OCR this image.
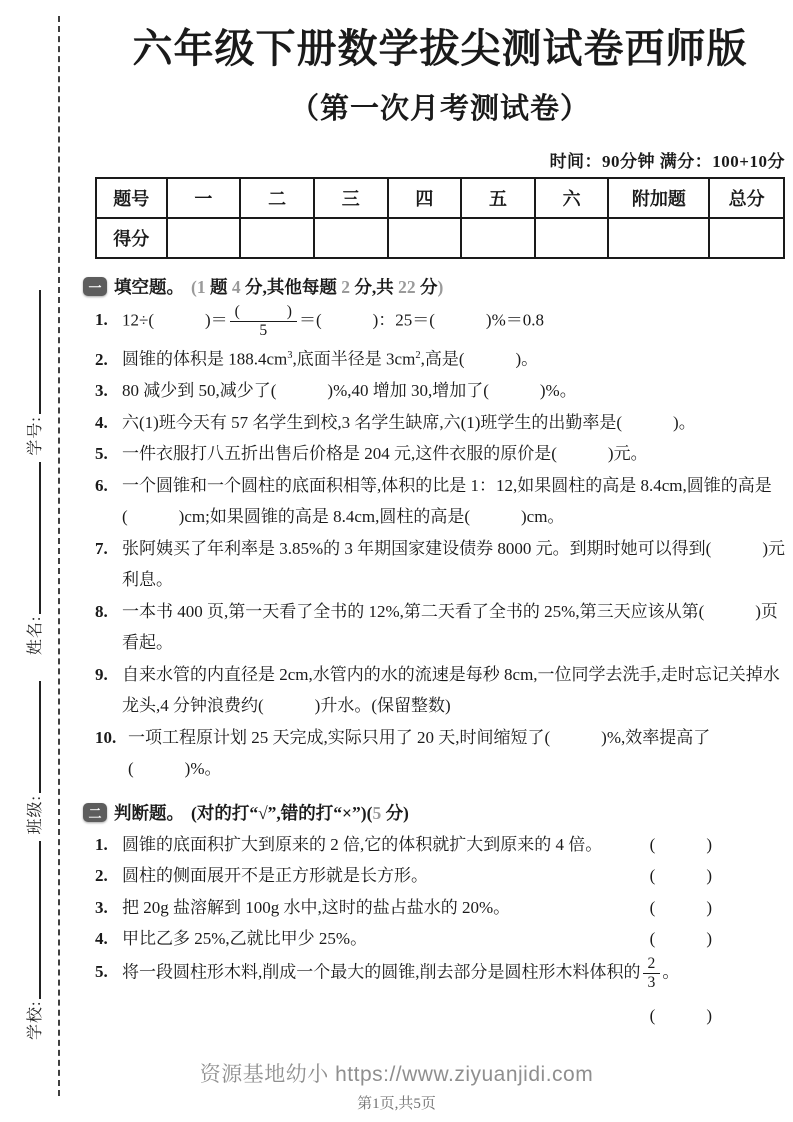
学校:
班级:
姓名:
学号:
六年级下册数学拔尖测试卷西师版
（第一次月考测试卷）
时间：90分钟 满分：100+10分
题号	一	二	三	四	五	六	附加题	总分
得分								
一 填空题。 (1 题 4 分,其他每题 2 分,共 22 分)
1. 12÷(　　　)＝ $\frac{( )}{5}$ ＝(　　　)：25＝(　　　)%＝0.8
2. 圆锥的体积是 $188.4cm^3$,底面半径是 $3cm^2$,高是(　　　)。
3. 80 减少到 50,减少了(　　　)%,40 增加 30,增加了(　　　)%。
4. 六(1)班今天有 57 名学生到校,3 名学生缺席,六(1)班学生的出勤率是(　　　)。
5. 一件衣服打八五折出售后价格是 204 元,这件衣服的原价是(　　　)元。
6. 一个圆锥和一个圆柱的底面积相等,体积的比是 1：12,如果圆柱的高是 8.4cm,圆锥的高是(　　　)cm;如果圆锥的高是 8.4cm,圆柱的高是(　　　)cm。
7. 张阿姨买了年利率是 3.85%的 3 年期国家建设债券 8000 元。到期时她可以得到(　　　)元利息。
8. 一本书 400 页,第一天看了全书的 12%,第二天看了全书的 25%,第三天应该从第(　　　)页看起。
9. 自来水管的内直径是 2cm,水管内的水的流速是每秒 8cm,一位同学去洗手,走时忘记关掉水龙头,4 分钟浪费约(　　　)升水。(保留整数)
10. 一项工程原计划 25 天完成,实际只用了 20 天,时间缩短了(　　　)%,效率提高了(　　　)%。
二 判断题。 (对的打“√”,错的打“×”)(5 分)
1. 圆锥的底面积扩大到原来的 2 倍,它的体积就扩大到原来的 4 倍。	(　　　)
2. 圆柱的侧面展开不是正方形就是长方形。	(　　　)
3. 把 20g 盐溶解到 100g 水中,这时的盐占盐水的 20%。	(　　　)
4. 甲比乙多 25%,乙就比甲少 25%。	(　　　)
5. 将一段圆柱形木料,削成一个最大的圆锥,削去部分是圆柱形木料体积的 $\frac{2}{3}$ 。
(　　　)
资源基地幼小 https://www.ziyuanjidi.com
第1页,共5页
